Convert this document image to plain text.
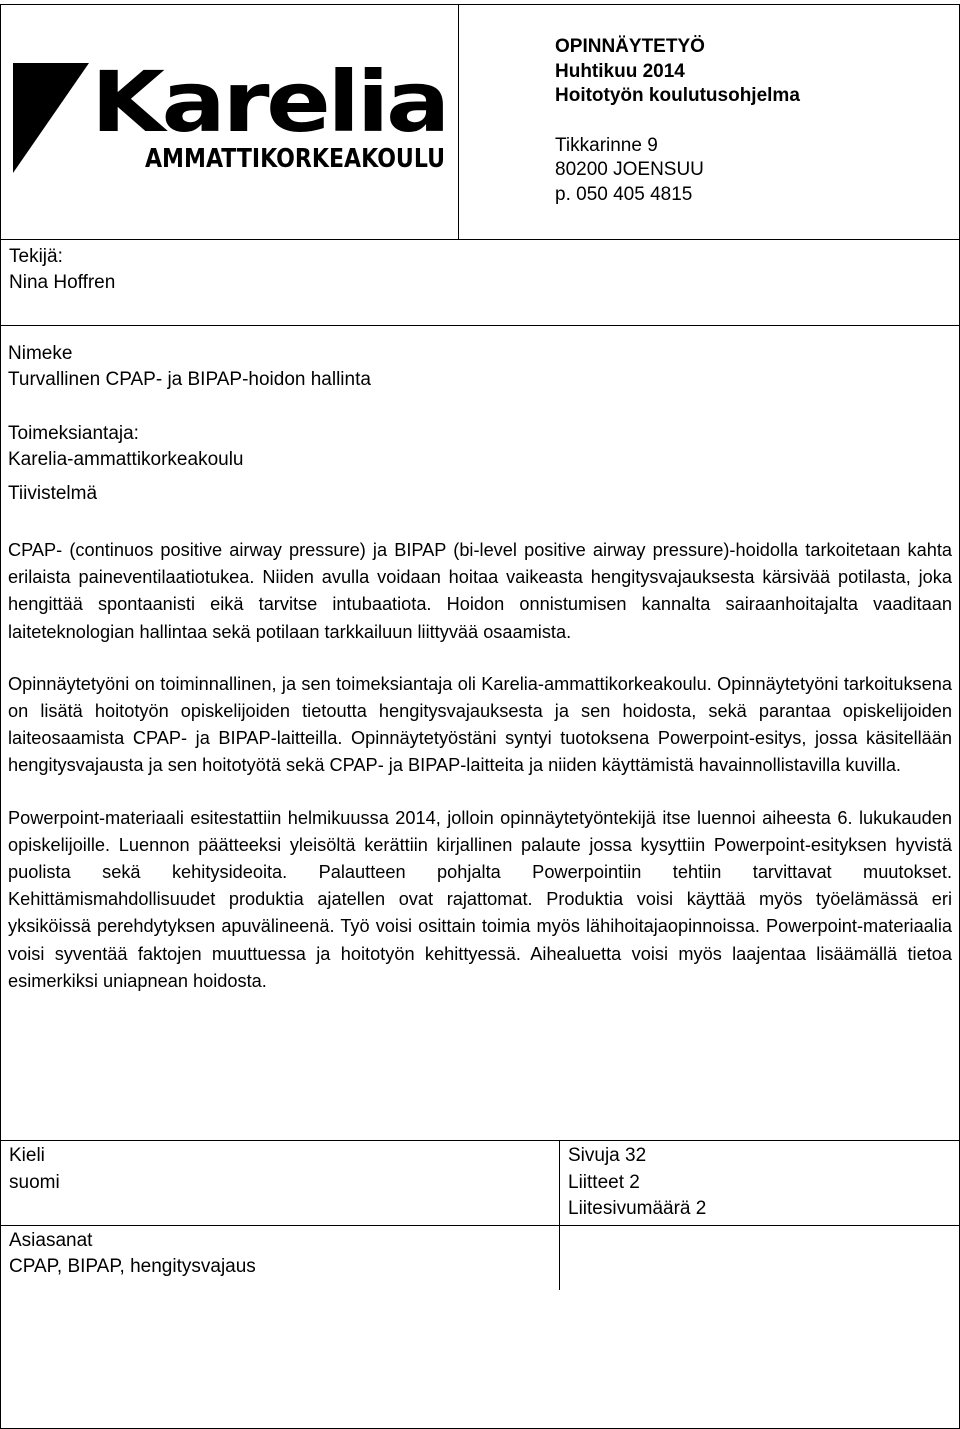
Karelia
AMMATTIKORKEAKOULU
OPINNÄYTETYÖ
Huhtikuu 2014
Hoitotyön koulutusohjelma
Tikkarinne 9
80200 JOENSUU
p. 050 405 4815
Tekijä:
Nina Hoffren
Nimeke
Turvallinen CPAP- ja BIPAP-hoidon hallinta
Toimeksiantaja:
Karelia-ammattikorkeakoulu
Tiivistelmä

CPAP- (continuos positive airway pressure) ja BIPAP (bi-level positive airway pressure)-hoidolla tarkoitetaan kahta erilaista paineventilaatiotukea. Niiden avulla voidaan hoitaa vaikeasta hengitysvajauksesta kärsivää potilasta, joka hengittää spontaanisti eikä tarvitse intubaatiota. Hoidon onnistumisen kannalta sairaanhoitajalta vaaditaan laiteteknologian hallintaa sekä potilaan tarkkailuun liittyvää osaamista.

Opinnäytetyöni on toiminnallinen, ja sen toimeksiantaja oli Karelia-ammattikorkeakoulu. Opinnäytetyöni tarkoituksena on lisätä hoitotyön opiskelijoiden tietoutta hengitysvajauksesta ja sen hoidosta, sekä parantaa opiskelijoiden laiteosaamista CPAP- ja BIPAP-laitteilla. Opinnäytetyöstäni syntyi tuotoksena Powerpoint-esitys, jossa käsitellään hengitysvajausta ja sen hoitotyötä sekä CPAP- ja BIPAP-laitteita ja niiden käyttämistä havainnollistavilla kuvilla.

Powerpoint-materiaali esitestattiin helmikuussa 2014, jolloin opinnäytetyöntekijä itse luennoi aiheesta 6. lukukauden opiskelijoille. Luennon päätteeksi yleisöltä kerättiin kirjallinen palaute jossa kysyttiin Powerpoint-esityksen hyvistä puolista sekä kehitysideoita. Palautteen pohjalta Powerpointiin tehtiin tarvittavat muutokset. Kehittämismahdollisuudet produktia ajatellen ovat rajattomat. Produktia voisi käyttää myös työelämässä eri yksiköissä perehdytyksen apuvälineenä. Työ voisi osittain toimia myös lähihoitajaopinnoissa. Powerpoint-materiaalia voisi syventää faktojen muuttuessa ja hoitotyön kehittyessä. Aihealuetta voisi myös laajentaa lisäämällä tietoa esimerkiksi uniapnean hoidosta.

Kieli
suomi
Asiasanat
CPAP, BIPAP, hengitysvajaus
Sivuja 32
Liitteet 2
Liitesivumäärä 2
